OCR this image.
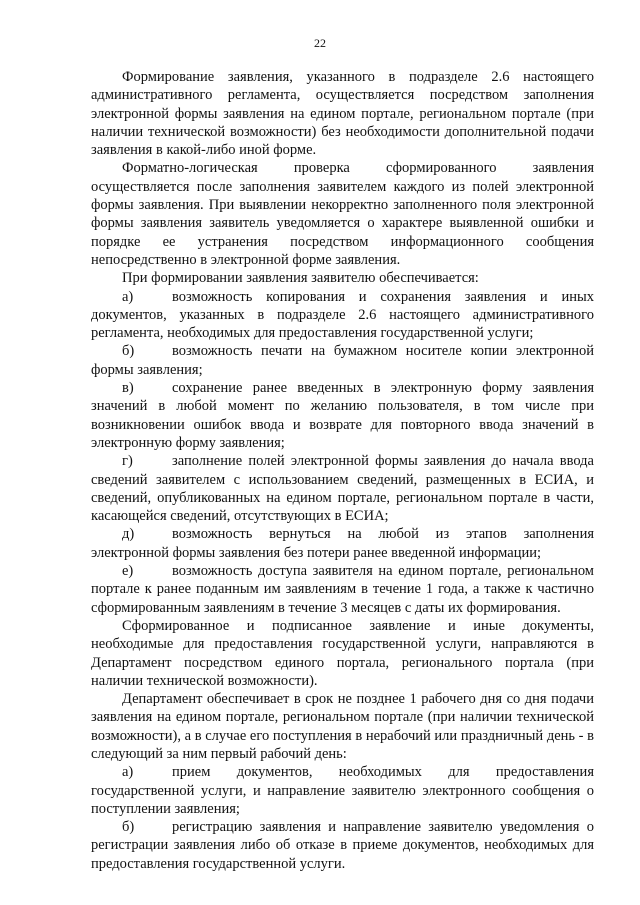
22

Формирование заявления, указанного в подразделе 2.6 настоящего административного регламента, осуществляется посредством заполнения электронной формы заявления на едином портале, региональном портале (при наличии технической возможности) без необходимости дополнительной подачи заявления в какой-либо иной форме.

Форматно-логическая проверка сформированного заявления осуществляется после заполнения заявителем каждого из полей электронной формы заявления. При выявлении некорректно заполненного поля электронной формы заявления заявитель уведомляется о характере выявленной ошибки и порядке ее устранения посредством информационного сообщения непосредственно в электронной форме заявления.

При формировании заявления заявителю обеспечивается:

а)	возможность копирования и сохранения заявления и иных документов, указанных в подразделе 2.6 настоящего административного регламента, необходимых для предоставления государственной услуги;

б)	возможность печати на бумажном носителе копии электронной формы заявления;

в)	сохранение ранее введенных в электронную форму заявления значений в любой момент по желанию пользователя, в том числе при возникновении ошибок ввода и возврате для повторного ввода значений в электронную форму заявления;

г)	заполнение полей электронной формы заявления до начала ввода сведений заявителем с использованием сведений, размещенных в ЕСИА, и сведений, опубликованных на едином портале, региональном портале в части, касающейся сведений, отсутствующих в ЕСИА;

д)	возможность вернуться на любой из этапов заполнения электронной формы заявления без потери ранее введенной информации;

е)	возможность доступа заявителя на едином портале, региональном портале к ранее поданным им заявлениям в течение 1 года, а также к частично сформированным заявлениям в течение 3 месяцев с даты их формирования.

Сформированное и подписанное заявление и иные документы, необходимые для предоставления государственной услуги, направляются в Департамент посредством единого портала, регионального портала (при наличии технической возможности).

Департамент обеспечивает в срок не позднее 1 рабочего дня со дня подачи заявления на едином портале, региональном портале (при наличии технической возможности), а в случае его поступления в нерабочий или праздничный день - в следующий за ним первый рабочий день:

а)	прием документов, необходимых для предоставления государственной услуги, и направление заявителю электронного сообщения о поступлении заявления;

б)	регистрацию заявления и направление заявителю уведомления о регистрации заявления либо об отказе в приеме документов, необходимых для предоставления государственной услуги.
